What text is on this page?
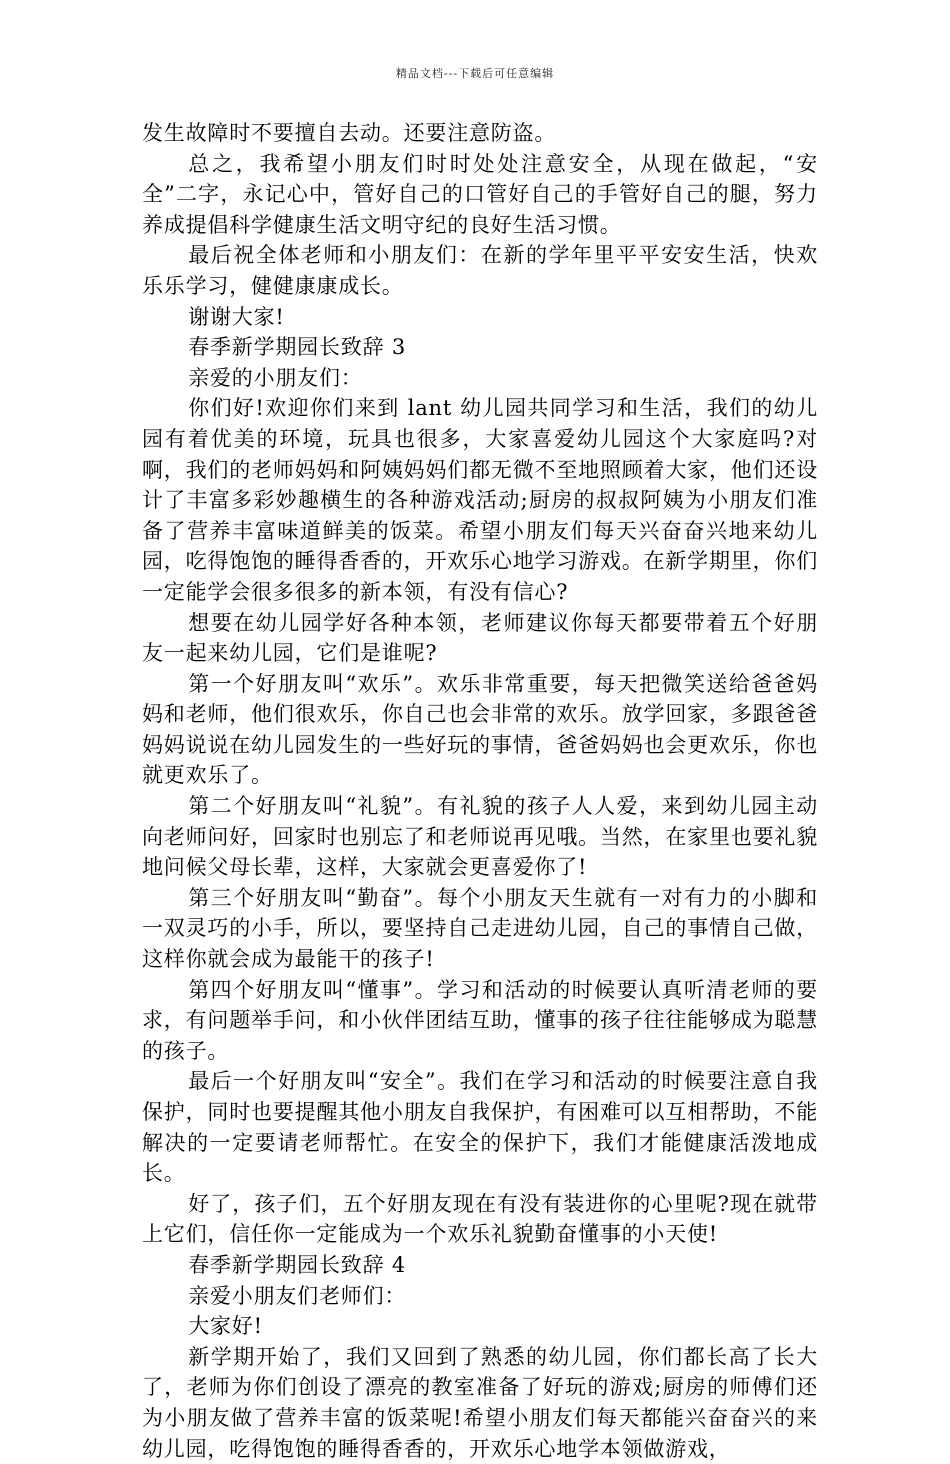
精品文档---下载后可任意编辑

发生故障时不要擅自去动。还要注意防盗。

总之，我希望小朋友们时时处处注意安全，从现在做起，“安全”二字，永记心中，管好自己的口管好自己的手管好自己的腿，努力养成提倡科学健康生活文明守纪的良好生活习惯。

最后祝全体老师和小朋友们：在新的学年里平平安安生活，快欢乐乐学习，健健康康成长。

谢谢大家!

春季新学期园长致辞 3

亲爱的小朋友们：

你们好!欢迎你们来到 lant 幼儿园共同学习和生活，我们的幼儿园有着优美的环境，玩具也很多，大家喜爱幼儿园这个大家庭吗?对啊，我们的老师妈妈和阿姨妈妈们都无微不至地照顾着大家，他们还设计了丰富多彩妙趣横生的各种游戏活动;厨房的叔叔阿姨为小朋友们准备了营养丰富味道鲜美的饭菜。希望小朋友们每天兴奋奋兴地来幼儿园，吃得饱饱的睡得香香的，开欢乐心地学习游戏。在新学期里，你们一定能学会很多很多的新本领，有没有信心?

想要在幼儿园学好各种本领，老师建议你每天都要带着五个好朋友一起来幼儿园，它们是谁呢?

第一个好朋友叫“欢乐”。欢乐非常重要，每天把微笑送给爸爸妈妈和老师，他们很欢乐，你自己也会非常的欢乐。放学回家，多跟爸爸妈妈说说在幼儿园发生的一些好玩的事情，爸爸妈妈也会更欢乐，你也就更欢乐了。

第二个好朋友叫“礼貌”。有礼貌的孩子人人爱，来到幼儿园主动向老师问好，回家时也别忘了和老师说再见哦。当然，在家里也要礼貌地问候父母长辈，这样，大家就会更喜爱你了!

第三个好朋友叫“勤奋”。每个小朋友天生就有一对有力的小脚和一双灵巧的小手，所以，要坚持自己走进幼儿园，自己的事情自己做，这样你就会成为最能干的孩子!

第四个好朋友叫“懂事”。学习和活动的时候要认真听清老师的要求，有问题举手问，和小伙伴团结互助，懂事的孩子往往能够成为聪慧的孩子。

最后一个好朋友叫“安全”。我们在学习和活动的时候要注意自我保护，同时也要提醒其他小朋友自我保护，有困难可以互相帮助，不能解决的一定要请老师帮忙。在安全的保护下，我们才能健康活泼地成长。

好了，孩子们，五个好朋友现在有没有装进你的心里呢?现在就带上它们，信任你一定能成为一个欢乐礼貌勤奋懂事的小天使!

春季新学期园长致辞 4

亲爱小朋友们老师们：

大家好!

新学期开始了，我们又回到了熟悉的幼儿园，你们都长高了长大了，老师为你们创设了漂亮的教室准备了好玩的游戏;厨房的师傅们还为小朋友做了营养丰富的饭菜呢!希望小朋友们每天都能兴奋奋兴的来幼儿园，吃得饱饱的睡得香香的，开欢乐心地学本领做游戏，
